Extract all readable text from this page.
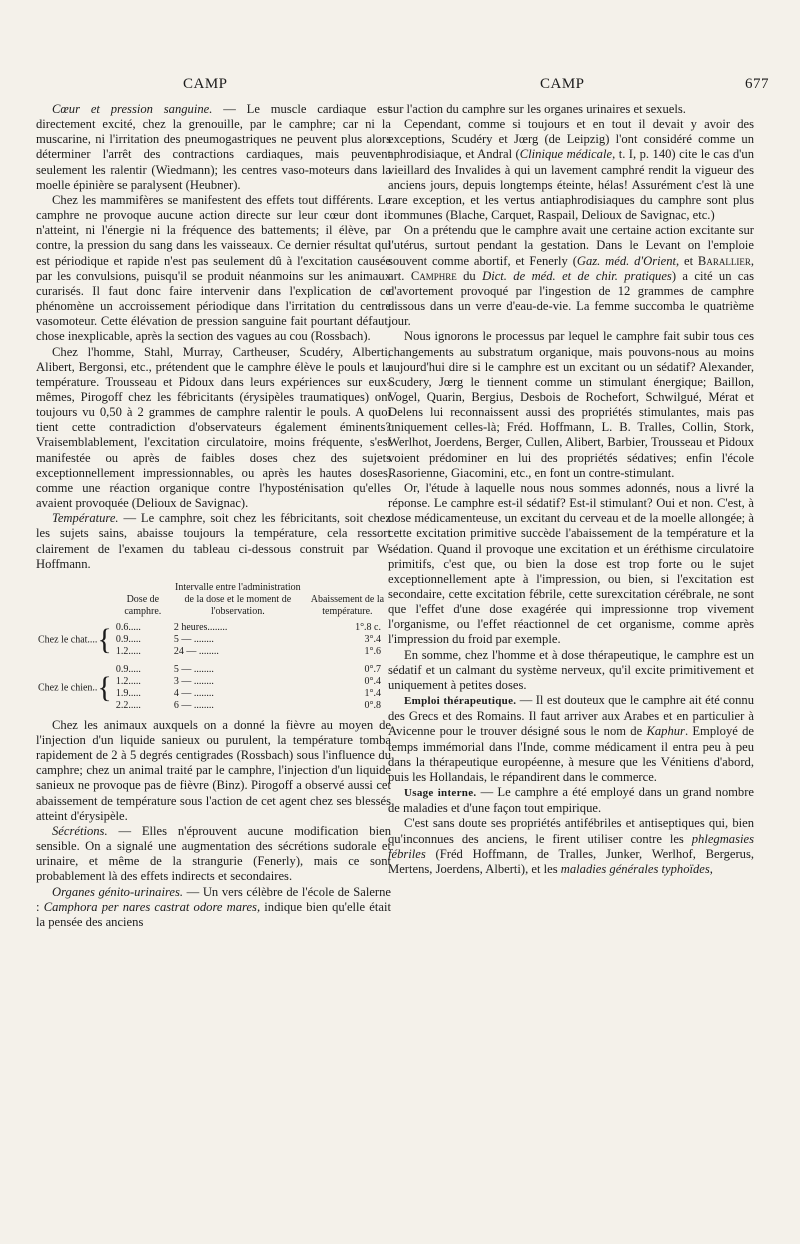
CAMP	CAMP	677

Cœur et pression sanguine. — Le muscle cardiaque est directement excité, chez la grenouille, par le camphre; car ni la muscarine, ni l'irritation des pneumogastriques ne peuvent plus alors déterminer l'arrêt des contractions cardiaques, mais peuvent seulement les ralentir (Wiedmann); les centres vaso-moteurs dans la moelle épinière se paralysent (Heubner).

Chez les mammifères se manifestent des effets tout différents. Le camphre ne provoque aucune action directe sur leur cœur dont il n'atteint, ni l'énergie ni la fréquence des battements; il élève, par contre, la pression du sang dans les vaisseaux. Ce dernier résultat qui est périodique et rapide n'est pas seulement dû à l'excitation causée par les convulsions, puisqu'il se produit néanmoins sur les animaux curarisés. Il faut donc faire intervenir dans l'explication de ce phénomène un accroissement périodique dans l'irritation du centre vasomoteur. Cette élévation de pression sanguine fait pourtant défaut, chose inexplicable, après la section des vagues au cou (Rossbach).

Chez l'homme, Stahl, Murray, Cartheuser, Scudéry, Alberti, Alibert, Bergonsi, etc., prétendent que le camphre élève le pouls et la température. Trousseau et Pidoux dans leurs expériences sur eux-mêmes, Pirogoff chez les fébricitants (érysipèles traumatiques) ont toujours vu 0,50 à 2 grammes de camphre ralentir le pouls. A quoi tient cette contradiction d'observateurs également éminents? Vraisemblablement, l'excitation circulatoire, moins fréquente, s'est manifestée ou après de faibles doses chez des sujets exceptionnellement impressionnables, ou après les hautes doses, comme une réaction organique contre l'hyposténisation qu'elles avaient provoquée (Delioux de Savignac).

Température. — Le camphre, soit chez les fébricitants, soit chez les sujets sains, abaisse toujours la température, cela ressort clairement de l'examen du tableau ci-dessous construit par W. Hoffmann.

	Dose de camphre.	Intervalle entre l'administration de la dose et le moment de l'observation.	Abaissement de la température.
Chez le chat....{	0.6.....	2 heures........	1°.8 c.
	0.9.....	5 — ........	3°.4
	1.2.....	24 — ........	1°.6

Chez le chien..{	0.9.....	5 — ........	0°.7
	1.2.....	3 — ........	0°.4
	1.9.....	4 — ........	1°.4
	2.2.....	6 — ........	0°.8

Chez les animaux auxquels on a donné la fièvre au moyen de l'injection d'un liquide sanieux ou purulent, la température tomba rapidement de 2 à 5 degrés centigrades (Rossbach) sous l'influence du camphre; chez un animal traité par le camphre, l'injection d'un liquide sanieux ne provoque pas de fièvre (Binz). Pirogoff a observé aussi cet abaissement de température sous l'action de cet agent chez ses blessés atteint d'érysipèle.

Sécrétions. — Elles n'éprouvent aucune modification bien sensible. On a signalé une augmentation des sécrétions sudorale et urinaire, et même de la strangurie (Fenerly), mais ce sont probablement là des effets indirects et secondaires.

Organes génito-urinaires. — Un vers célèbre de l'école de Salerne : Camphora per nares castrat odore mares, indique bien qu'elle était la pensée des anciens

sur l'action du camphre sur les organes urinaires et sexuels.

Cependant, comme si toujours et en tout il devait y avoir des exceptions, Scudéry et Jœrg (de Leipzig) l'ont considéré comme un aphrodisiaque, et Andral (Clinique médicale, t. I, p. 140) cite le cas d'un vieillard des Invalides à qui un lavement camphré rendit la vigueur des anciens jours, depuis longtemps éteinte, hélas! Assurément c'est là une rare exception, et les vertus antiaphrodisiaques du camphre sont plus communes (Blache, Carquet, Raspail, Delioux de Savignac, etc.)

On a prétendu que le camphre avait une certaine action excitante sur l'utérus, surtout pendant la gestation. Dans le Levant on l'emploie souvent comme abortif, et Fenerly (Gaz. méd. d'Orient, et Barallier, art. Camphre du Dict. de méd. et de chir. pratiques) a cité un cas d'avortement provoqué par l'ingestion de 12 grammes de camphre dissous dans un verre d'eau-de-vie. La femme succomba le quatrième jour.

Nous ignorons le processus par lequel le camphre fait subir tous ces changements au substratum organique, mais pouvons-nous au moins aujourd'hui dire si le camphre est un excitant ou un sédatif? Alexander, Scudery, Jœrg le tiennent comme un stimulant énergique; Baillon, Vogel, Quarin, Bergius, Desbois de Rochefort, Schwilgué, Mérat et Delens lui reconnaissent aussi des propriétés stimulantes, mais pas uniquement celles-là; Fréd. Hoffmann, L. B. Tralles, Collin, Stork, Werlhot, Joerdens, Berger, Cullen, Alibert, Barbier, Trousseau et Pidoux voient prédominer en lui des propriétés sédatives; enfin l'école Rasorienne, Giacomini, etc., en font un contre-stimulant.

Or, l'étude à laquelle nous nous sommes adonnés, nous a livré la réponse. Le camphre est-il sédatif? Est-il stimulant? Oui et non. C'est, à dose médicamenteuse, un excitant du cerveau et de la moelle allongée; à cette excitation primitive succède l'abaissement de la température et la sédation. Quand il provoque une excitation et un éréthisme circulatoire primitifs, c'est que, ou bien la dose est trop forte ou le sujet exceptionnellement apte à l'impression, ou bien, si l'excitation est secondaire, cette excitation fébrile, cette surexcitation cérébrale, ne sont que l'effet d'une dose exagérée qui impressionne trop vivement l'organisme, ou l'effet réactionnel de cet organisme, comme après l'impression du froid par exemple.

En somme, chez l'homme et à dose thérapeutique, le camphre est un sédatif et un calmant du système nerveux, qu'il excite primitivement et uniquement à petites doses.

Emploi thérapeutique. — Il est douteux que le camphre ait été connu des Grecs et des Romains. Il faut arriver aux Arabes et en particulier à Avicenne pour le trouver désigné sous le nom de Kaphur. Employé de temps immémorial dans l'Inde, comme médicament il entra peu à peu dans la thérapeutique européenne, à mesure que les Vénitiens d'abord, puis les Hollandais, le répandirent dans le commerce.

Usage interne. — Le camphre a été employé dans un grand nombre de maladies et d'une façon tout empirique.

C'est sans doute ses propriétés antifébriles et antiseptiques qui, bien qu'inconnues des anciens, le firent utiliser contre les phlegmasies fébriles (Fréd Hoffmann, de Tralles, Junker, Werlhof, Bergerus, Mertens, Joerdens, Alberti), et les maladies générales typhoïdes,
